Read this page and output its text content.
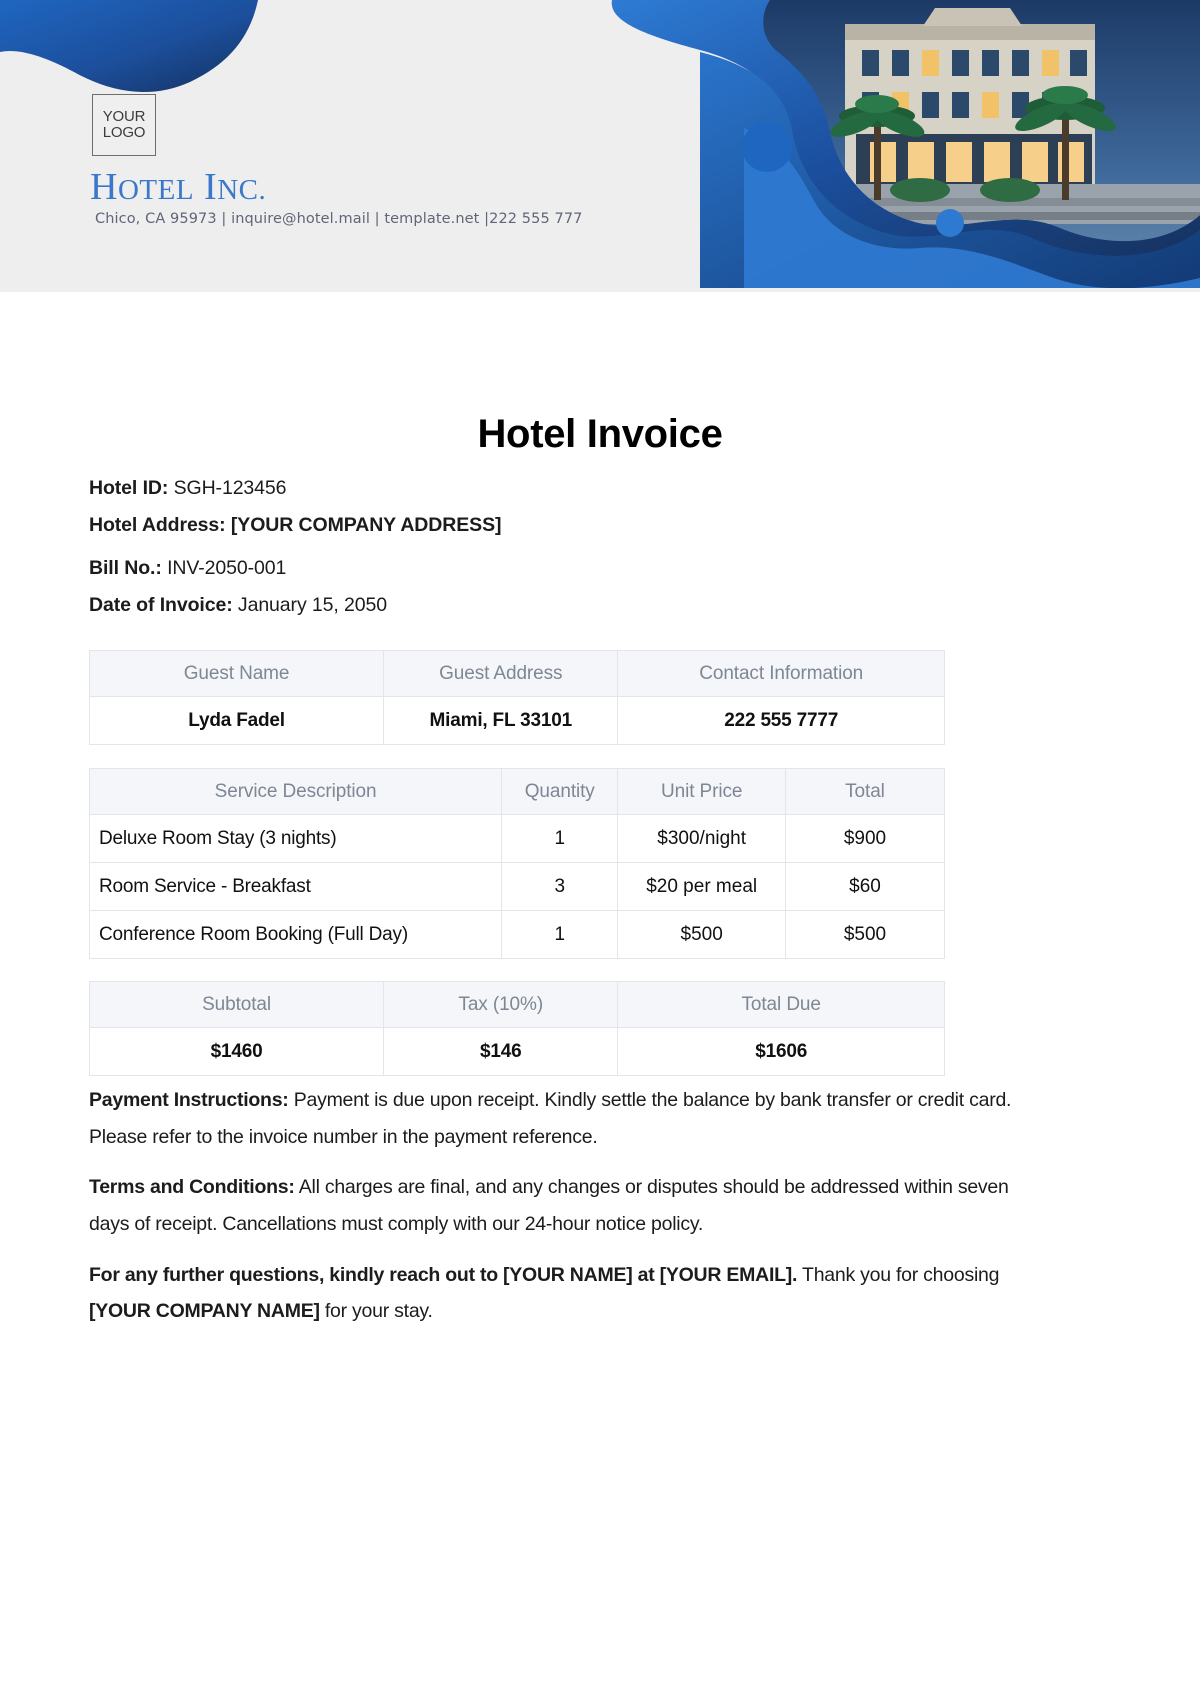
YOUR
LOGO
HOTEL INC.
Chico, CA 95973 | inquire@hotel.mail | template.net |222 555 777
Hotel Invoice
Hotel ID: SGH-123456
Hotel Address: [YOUR COMPANY ADDRESS]
Bill No.: INV-2050-001
Date of Invoice: January 15, 2050
Guest Name	Guest Address	Contact Information
Lyda Fadel	Miami, FL 33101	222 555 7777
Service Description	Quantity	Unit Price	Total
Deluxe Room Stay (3 nights)	1	$300/night	$900
Room Service - Breakfast	3	$20 per meal	$60
Conference Room Booking (Full Day)	1	$500	$500
Subtotal	Tax (10%)	Total Due
$1460	$146	$1606

Payment Instructions: Payment is due upon receipt. Kindly settle the balance by bank transfer or credit card. Please refer to the invoice number in the payment reference.

Terms and Conditions: All charges are final, and any changes or disputes should be addressed within seven days of receipt. Cancellations must comply with our 24-hour notice policy.

For any further questions, kindly reach out to [YOUR NAME] at [YOUR EMAIL]. Thank you for choosing [YOUR COMPANY NAME] for your stay.
